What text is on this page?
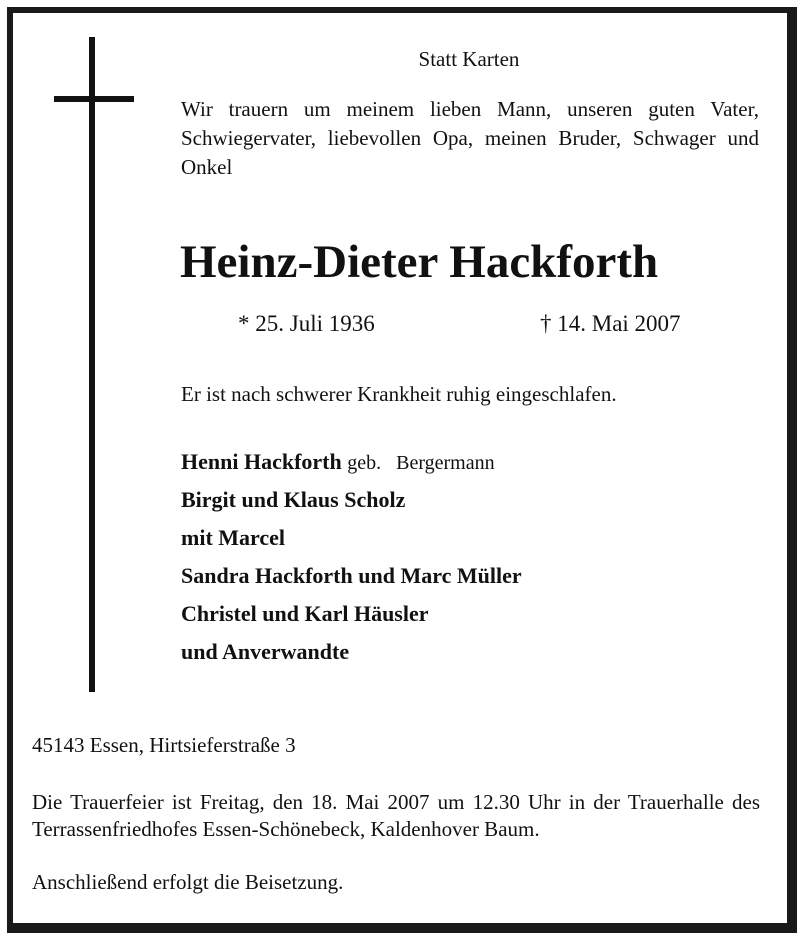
Statt Karten
Wir trauern um meinem lieben Mann, unseren guten Vater, Schwiegervater, liebevollen Opa, meinen Bruder, Schwager und Onkel
Heinz-Dieter Hackforth
* 25. Juli 1936	† 14. Mai 2007
Er ist nach schwerer Krankheit ruhig eingeschlafen.
Henni Hackforth geb. Bergermann
Birgit und Klaus Scholz
mit Marcel
Sandra Hackforth und Marc Müller
Christel und Karl Häusler
und Anverwandte
45143 Essen, Hirtsieferstraße 3

Die Trauerfeier ist Freitag, den 18. Mai 2007 um 12.30 Uhr in der Trauerhalle des Terrassenfriedhofes Essen-Schönebeck, Kaldenhover Baum.

Anschließend erfolgt die Beisetzung.
